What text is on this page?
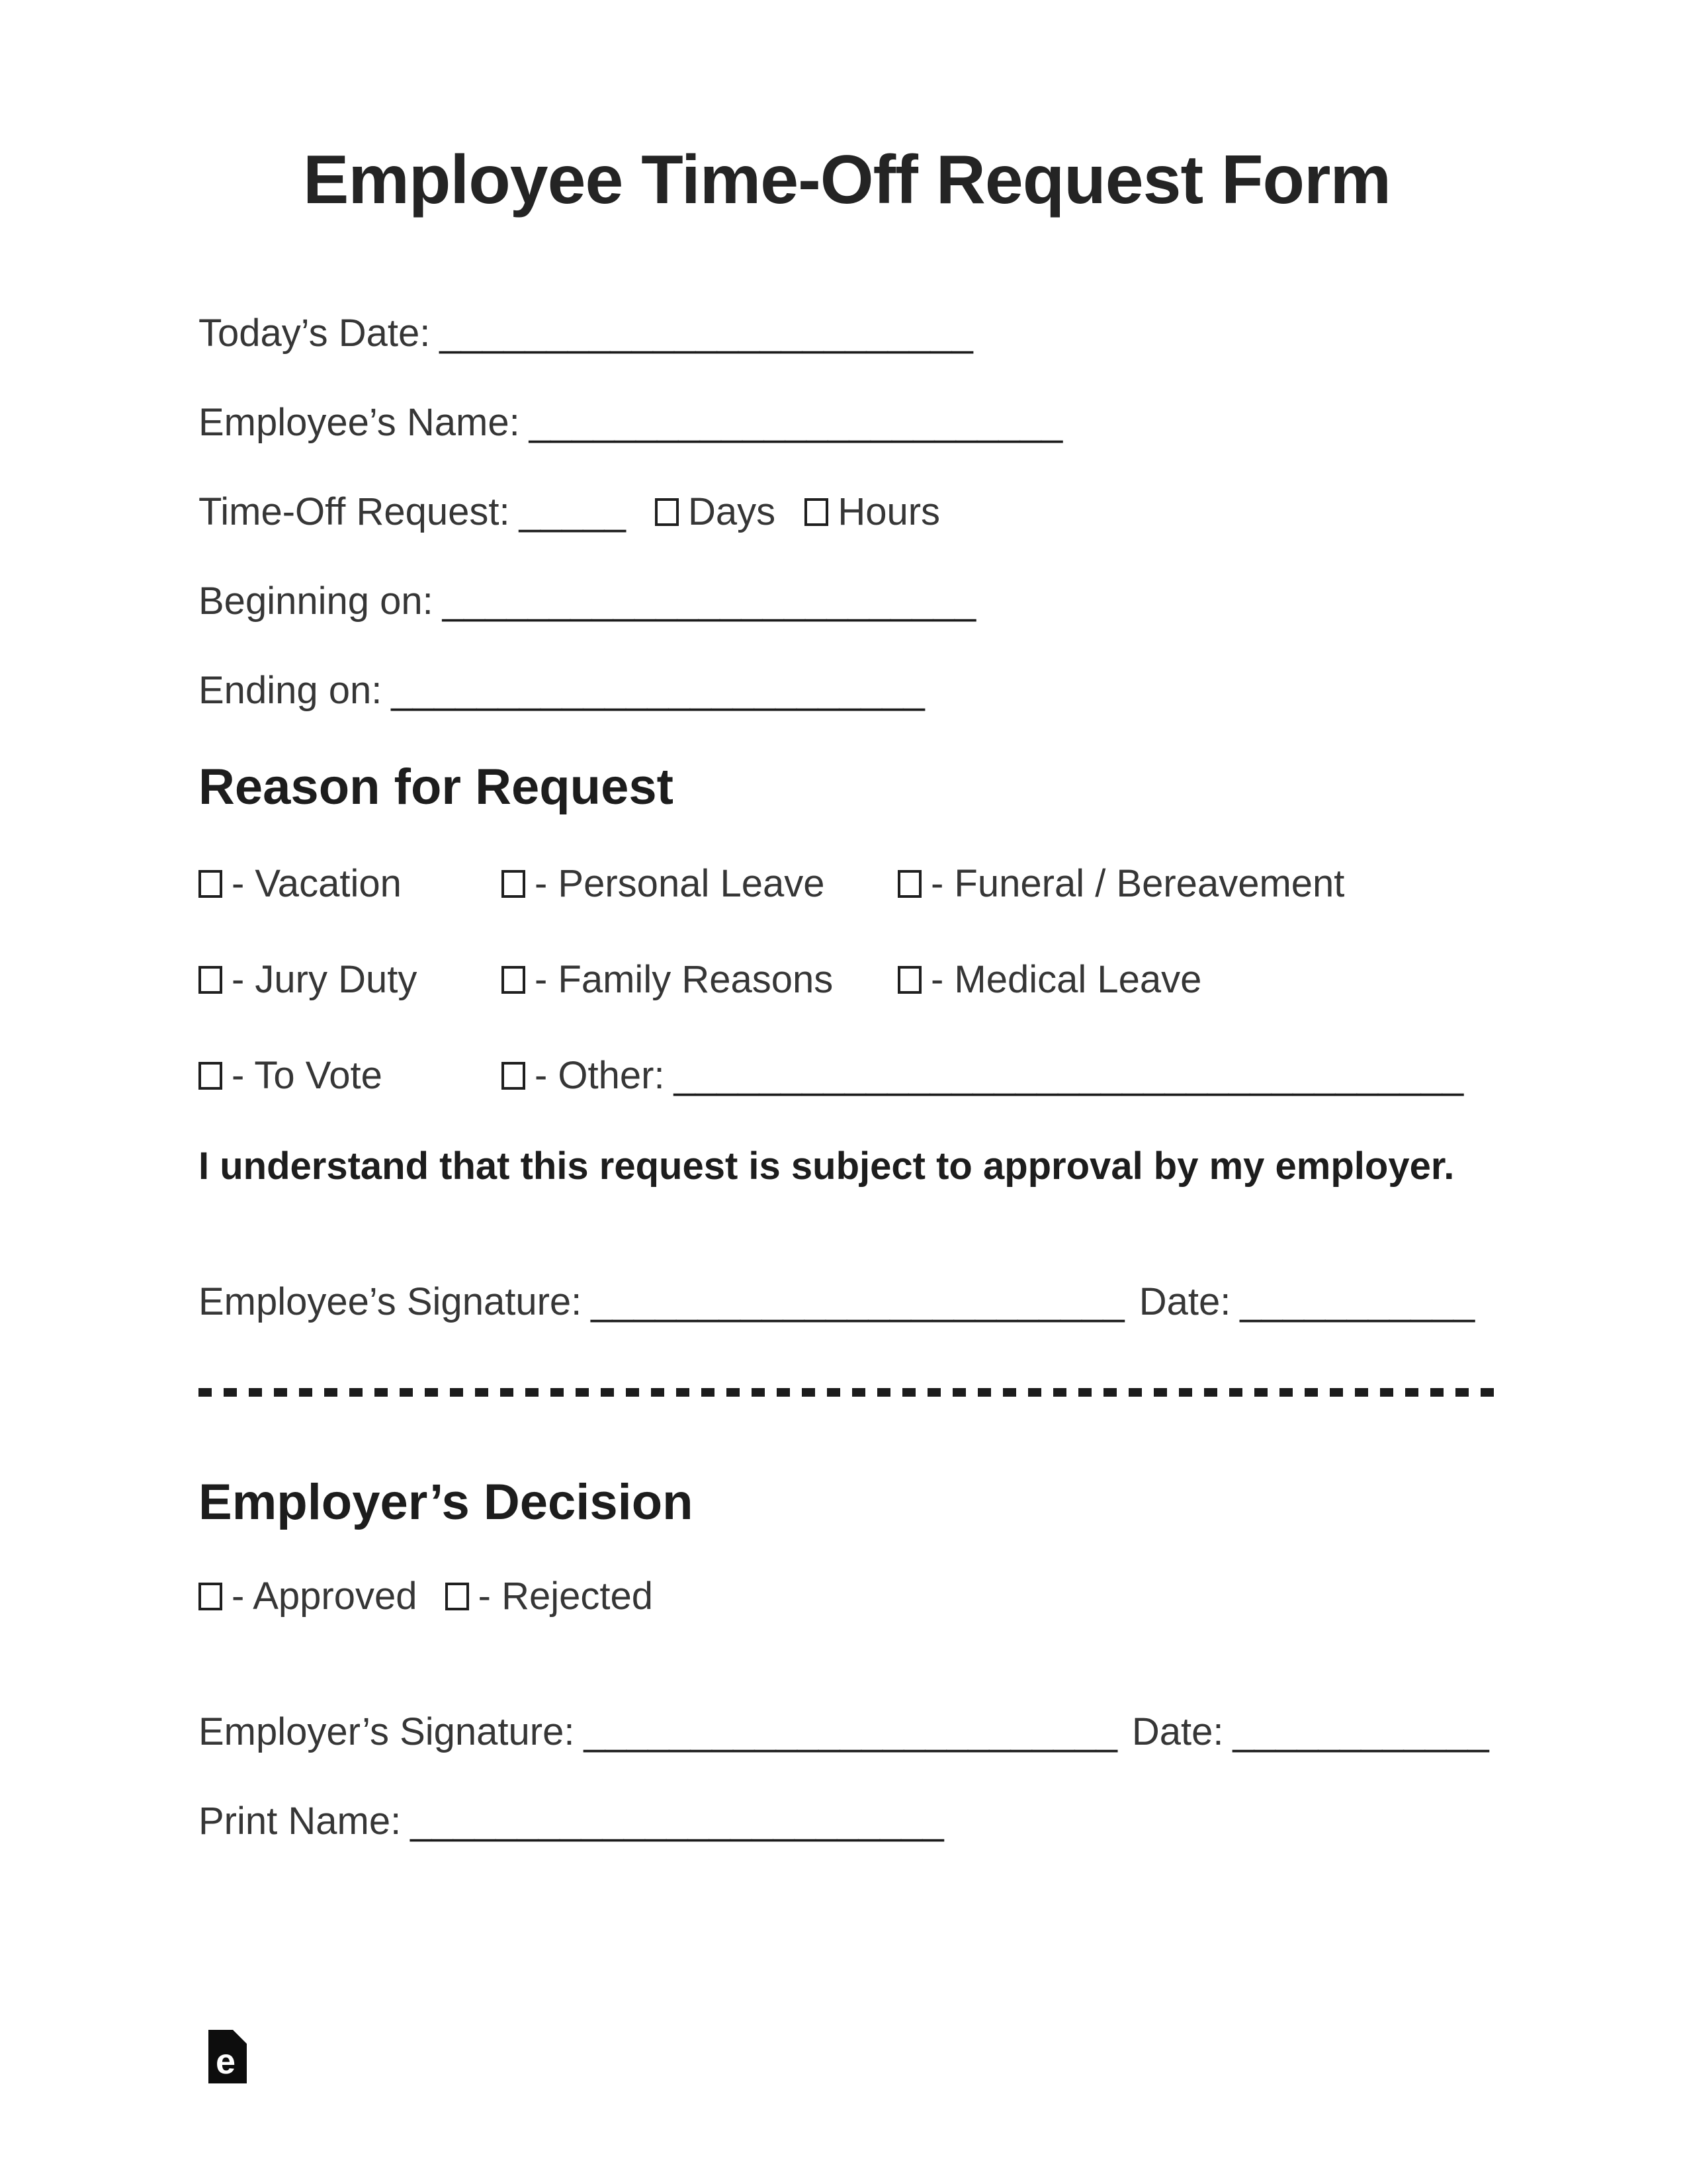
Employee Time-Off Request Form

Today’s Date: _________________________

Employee’s Name: _________________________

Time-Off Request: _____ Days Hours

Beginning on: _________________________

Ending on: _________________________

Reason for Request
- Vacation	- Personal Leave	- Funeral / Bereavement
- Jury Duty	- Family Reasons	- Medical Leave
- To Vote	- Other: _____________________________________

I understand that this request is subject to approval by my employer.

Employee’s Signature: _________________________ Date: ___________

Employer’s Decision

- Approved - Rejected

Employer’s Signature: _________________________ Date: ____________

Print Name: _________________________

e
